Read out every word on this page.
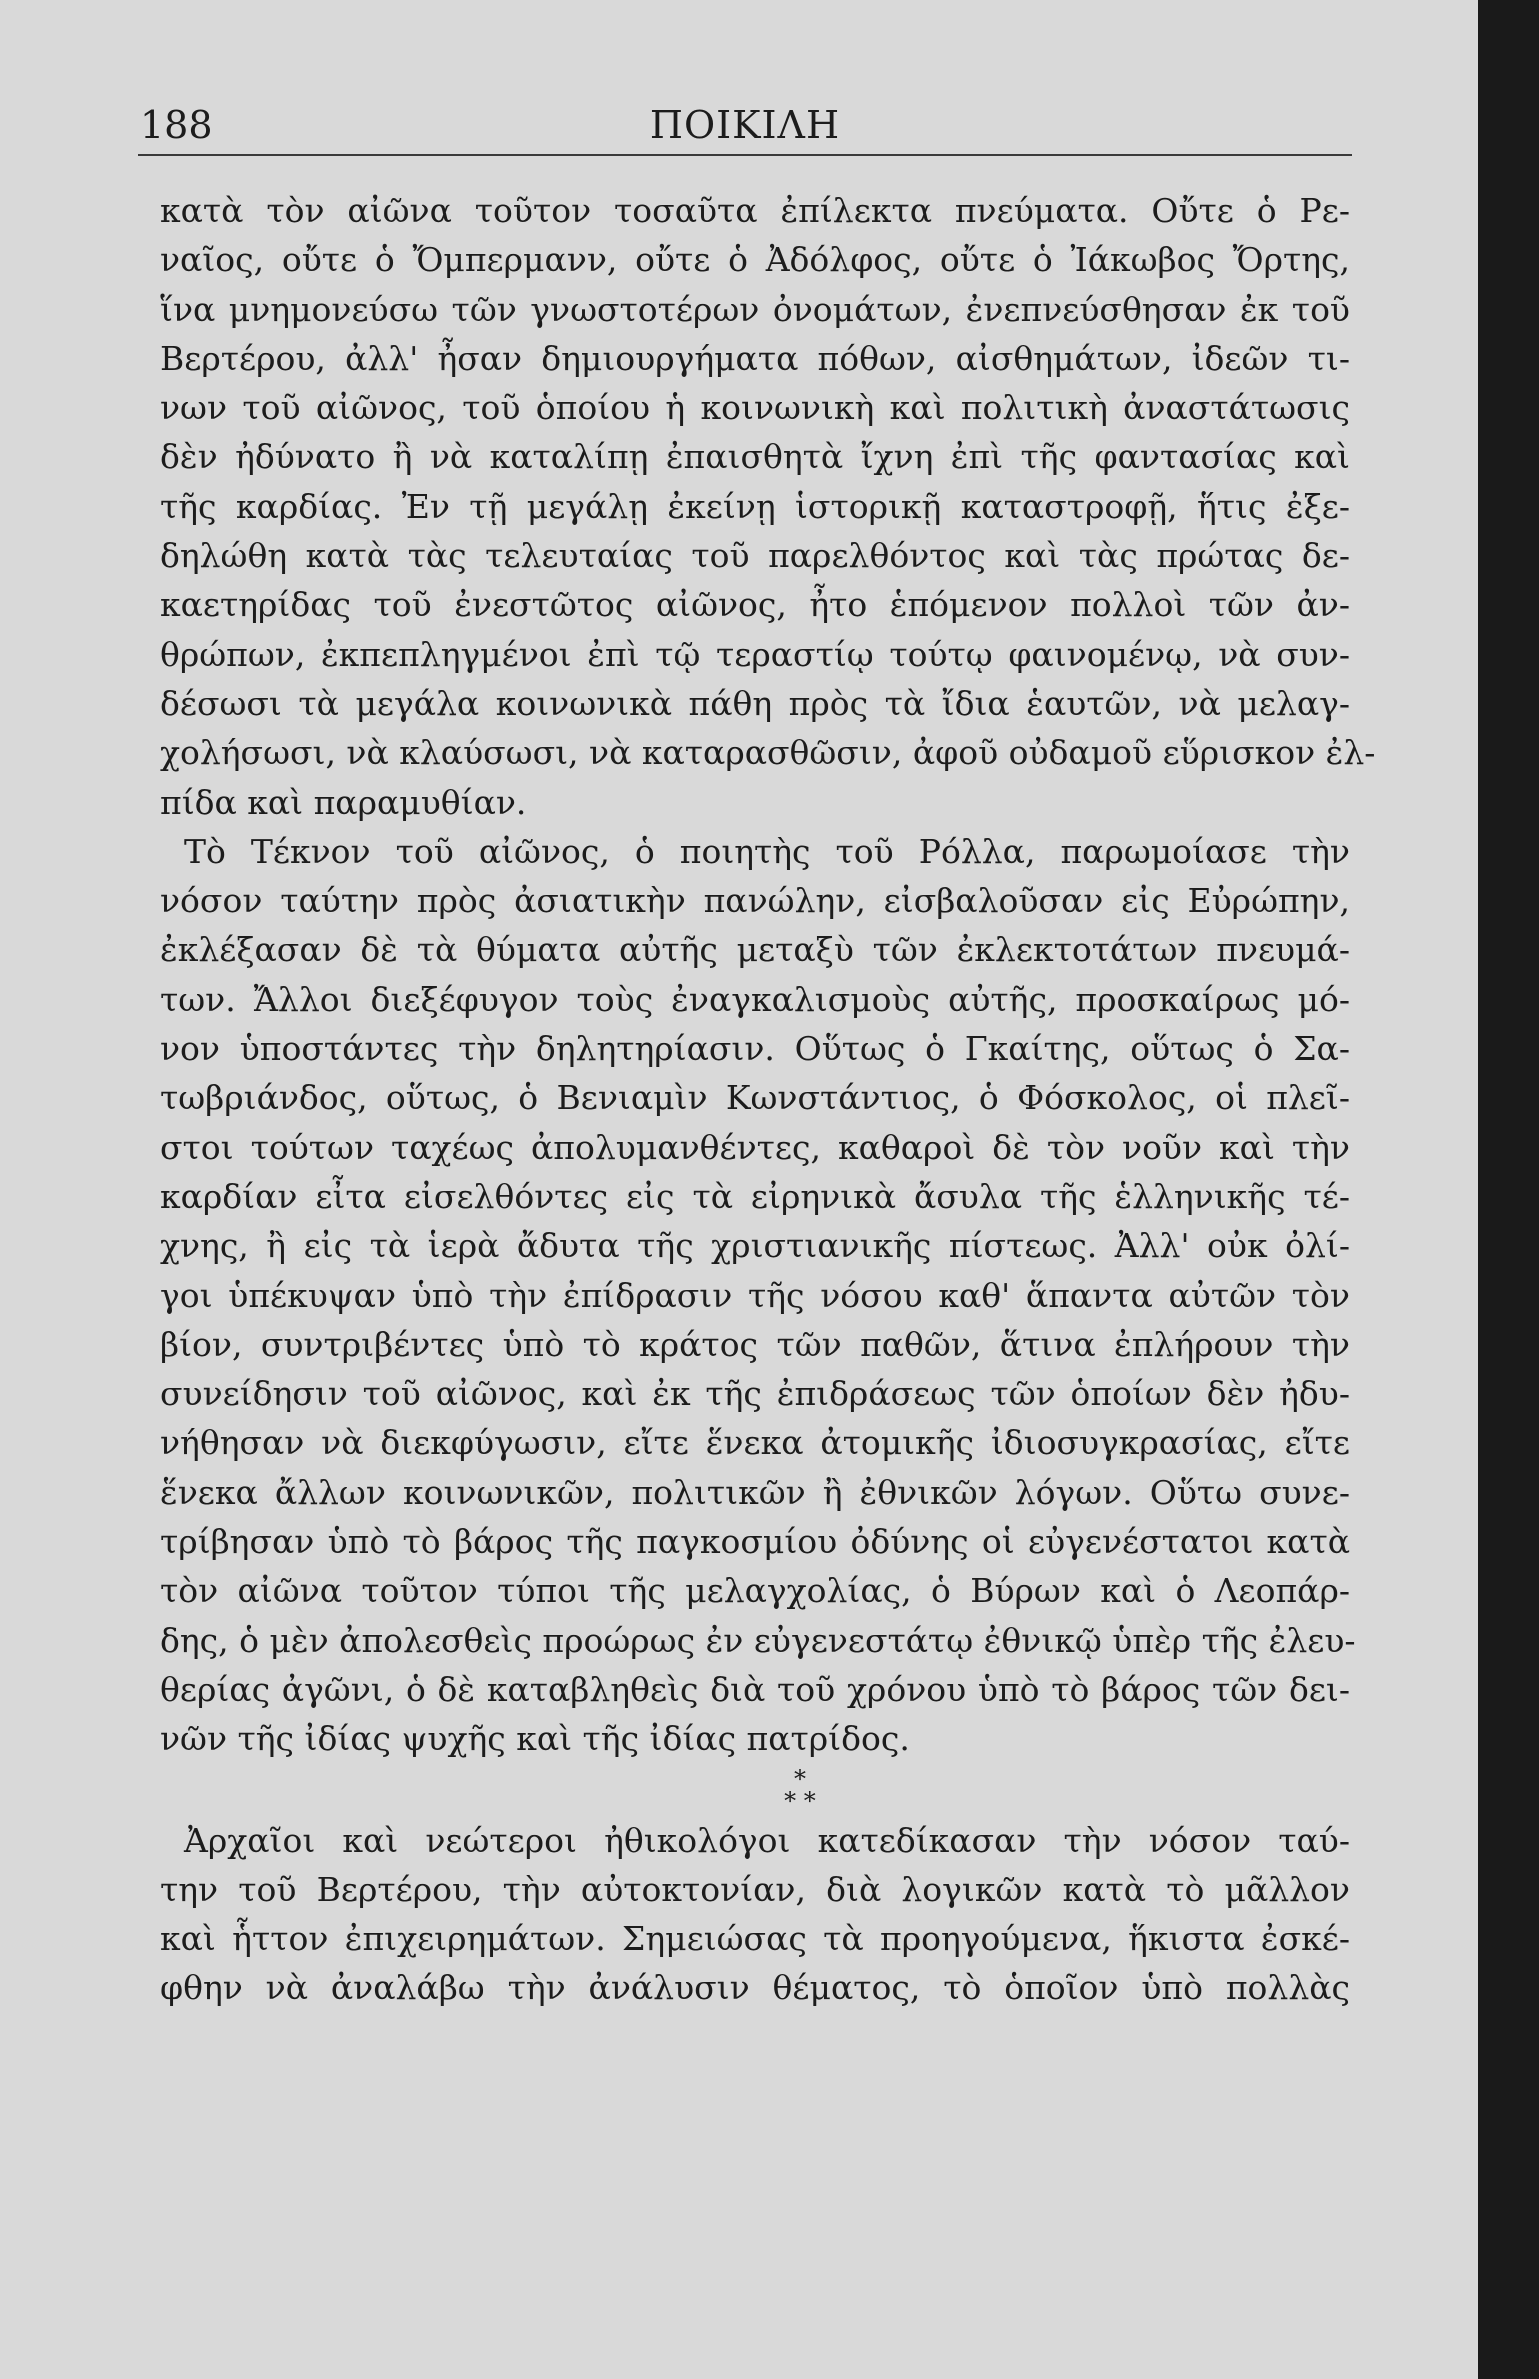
188	ΠΟΙΚΙΛΗ
κατὰ τὸν αἰῶνα τοῦτον τοσαῦτα ἐπίλεκτα πνεύματα. Οὔτε ὁ Ρε-
ναῖος, οὔτε ὁ Ὄμπερμανν, οὔτε ὁ Ἀδόλφος, οὔτε ὁ Ἰάκωβος Ὄρτης,
ἵνα μνημονεύσω τῶν γνωστοτέρων ὀνομάτων, ἐνεπνεύσθησαν ἐκ τοῦ
Βερτέρου, ἀλλ' ἦσαν δημιουργήματα πόθων, αἰσθημάτων, ἰδεῶν τι-
νων τοῦ αἰῶνος, τοῦ ὁποίου ἡ κοινωνικὴ καὶ πολιτικὴ ἀναστάτωσις
δὲν ἠδύνατο ἢ νὰ καταλίπῃ ἐπαισθητὰ ἴχνη ἐπὶ τῆς φαντασίας καὶ
τῆς καρδίας. Ἐν τῇ μεγάλῃ ἐκείνῃ ἱστορικῇ καταστροφῇ, ἥτις ἐξε-
δηλώθη κατὰ τὰς τελευταίας τοῦ παρελθόντος καὶ τὰς πρώτας δε-
καετηρίδας τοῦ ἐνεστῶτος αἰῶνος, ἦτο ἑπόμενον πολλοὶ τῶν ἀν-
θρώπων, ἐκπεπληγμένοι ἐπὶ τῷ τεραστίῳ τούτῳ φαινομένῳ, νὰ συν-
δέσωσι τὰ μεγάλα κοινωνικὰ πάθη πρὸς τὰ ἴδια ἑαυτῶν, νὰ μελαγ-
χολήσωσι, νὰ κλαύσωσι, νὰ καταρασθῶσιν, ἀφοῦ οὐδαμοῦ εὕρισκον ἐλ-
πίδα καὶ παραμυθίαν.
Τὸ Τέκνον τοῦ αἰῶνος, ὁ ποιητὴς τοῦ Ρόλλα, παρωμοίασε τὴν
νόσον ταύτην πρὸς ἀσιατικὴν πανώλην, εἰσβαλοῦσαν εἰς Εὐρώπην,
ἐκλέξασαν δὲ τὰ θύματα αὐτῆς μεταξὺ τῶν ἐκλεκτοτάτων πνευμά-
των. Ἄλλοι διεξέφυγον τοὺς ἐναγκαλισμοὺς αὐτῆς, προσκαίρως μό-
νον ὑποστάντες τὴν δηλητηρίασιν. Οὕτως ὁ Γκαίτης, οὕτως ὁ Σα-
τωβριάνδος, οὕτως, ὁ Βενιαμὶν Κωνστάντιος, ὁ Φόσκολος, οἱ πλεῖ-
στοι τούτων ταχέως ἀπολυμανθέντες, καθαροὶ δὲ τὸν νοῦν καὶ τὴν
καρδίαν εἶτα εἰσελθόντες εἰς τὰ εἰρηνικὰ ἄσυλα τῆς ἑλληνικῆς τέ-
χνης, ἢ εἰς τὰ ἱερὰ ἄδυτα τῆς χριστιανικῆς πίστεως. Ἀλλ' οὐκ ὀλί-
γοι ὑπέκυψαν ὑπὸ τὴν ἐπίδρασιν τῆς νόσου καθ' ἅπαντα αὐτῶν τὸν
βίον, συντριβέντες ὑπὸ τὸ κράτος τῶν παθῶν, ἅτινα ἐπλήρουν τὴν
συνείδησιν τοῦ αἰῶνος, καὶ ἐκ τῆς ἐπιδράσεως τῶν ὁποίων δὲν ἠδυ-
νήθησαν νὰ διεκφύγωσιν, εἴτε ἕνεκα ἀτομικῆς ἰδιοσυγκρασίας, εἴτε
ἕνεκα ἄλλων κοινωνικῶν, πολιτικῶν ἢ ἐθνικῶν λόγων. Οὕτω συνε-
τρίβησαν ὑπὸ τὸ βάρος τῆς παγκοσμίου ὀδύνης οἱ εὐγενέστατοι κατὰ
τὸν αἰῶνα τοῦτον τύποι τῆς μελαγχολίας, ὁ Βύρων καὶ ὁ Λεοπάρ-
δης, ὁ μὲν ἀπολεσθεὶς προώρως ἐν εὐγενεστάτῳ ἐθνικῷ ὑπὲρ τῆς ἐλευ-
θερίας ἀγῶνι, ὁ δὲ καταβληθεὶς διὰ τοῦ χρόνου ὑπὸ τὸ βάρος τῶν δει-
νῶν τῆς ἰδίας ψυχῆς καὶ τῆς ἰδίας πατρίδος.
*
* *
Ἀρχαῖοι καὶ νεώτεροι ἠθικολόγοι κατεδίκασαν τὴν νόσον ταύ-
την τοῦ Βερτέρου, τὴν αὐτοκτονίαν, διὰ λογικῶν κατὰ τὸ μᾶλλον
καὶ ἧττον ἐπιχειρημάτων. Σημειώσας τὰ προηγούμενα, ἥκιστα ἐσκέ-
φθην νὰ ἀναλάβω τὴν ἀνάλυσιν θέματος, τὸ ὁποῖον ὑπὸ πολλὰς
